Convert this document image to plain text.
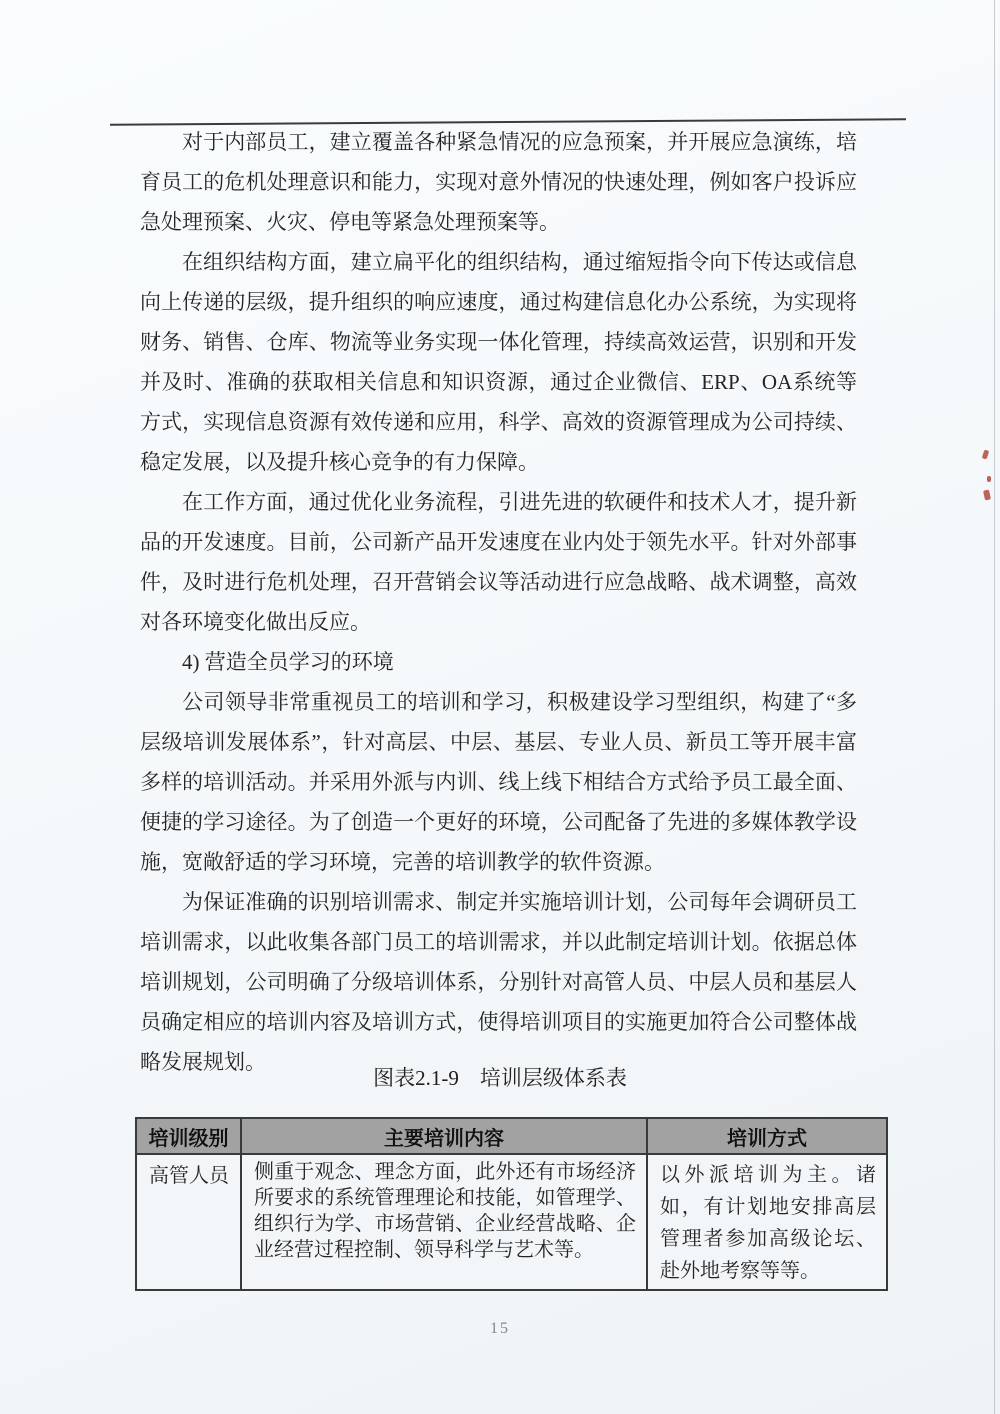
对于内部员工，建立覆盖各种紧急情况的应急预案，并开展应急演练，培育员工的危机处理意识和能力，实现对意外情况的快速处理，例如客户投诉应急处理预案、火灾、停电等紧急处理预案等。

在组织结构方面，建立扁平化的组织结构，通过缩短指令向下传达或信息向上传递的层级，提升组织的响应速度，通过构建信息化办公系统，为实现将财务、销售、仓库、物流等业务实现一体化管理，持续高效运营，识别和开发并及时、准确的获取相关信息和知识资源，通过企业微信、ERP、OA系统等方式，实现信息资源有效传递和应用，科学、高效的资源管理成为公司持续、稳定发展，以及提升核心竞争的有力保障。

在工作方面，通过优化业务流程，引进先进的软硬件和技术人才，提升新品的开发速度。目前，公司新产品开发速度在业内处于领先水平。针对外部事件，及时进行危机处理，召开营销会议等活动进行应急战略、战术调整，高效对各环境变化做出反应。

4) 营造全员学习的环境

公司领导非常重视员工的培训和学习，积极建设学习型组织，构建了“多层级培训发展体系”，针对高层、中层、基层、专业人员、新员工等开展丰富多样的培训活动。并采用外派与内训、线上线下相结合方式给予员工最全面、便捷的学习途径。为了创造一个更好的环境，公司配备了先进的多媒体教学设施，宽敞舒适的学习环境，完善的培训教学的软件资源。

为保证准确的识别培训需求、制定并实施培训计划，公司每年会调研员工培训需求，以此收集各部门员工的培训需求，并以此制定培训计划。依据总体培训规划，公司明确了分级培训体系，分别针对高管人员、中层人员和基层人员确定相应的培训内容及培训方式，使得培训项目的实施更加符合公司整体战略发展规划。

图表2.1-9　培训层级体系表
培训级别	主要培训内容	培训方式
高管人员	侧重于观念、理念方面，此外还有市场经济所要求的系统管理理论和技能，如管理学、组织行为学、市场营销、企业经营战略、企业经营过程控制、领导科学与艺术等。	以外派培训为主。诸如，有计划地安排高层管理者参加高级论坛、赴外地考察等等。
15
